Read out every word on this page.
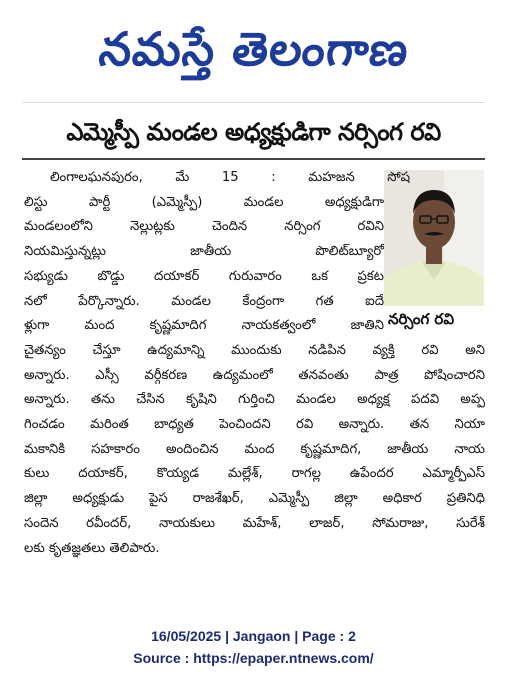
నమస్తే తెలంగాణ
ఎమ్మెస్పీ మండల అధ్యక్షుడిగా నర్సింగ రవి
నర్సింగ రవి
లింగాలఘనపురం, మే 15 : మహజన సోష
లిస్టు పార్టీ (ఎమ్మెస్పీ) మండల అధ్యక్షుడిగా
మండలంలోని నెల్లుట్లకు చెందిన నర్సింగ రవిని
నియమిస్తున్నట్లు జాతీయ పొలిట్‌బ్యూరో
సభ్యుడు బొడ్డు దయాకర్ గురువారం ఒక ప్రకట
నలో పేర్కొన్నారు. మండల కేంద్రంగా గత ఐదే
ళ్లుగా మంద కృష్ణమాదిగ నాయకత్వంలో జాతిని
చైతన్యం చేస్తూ ఉద్యమాన్ని ముందుకు నడిపిన వ్యక్తి రవి అని
అన్నారు. ఎస్సీ వర్గీకరణ ఉద్యమంలో తనవంతు పాత్ర పోషించారని
అన్నారు. తను చేసిన కృషిని గుర్తించి మండల అధ్యక్ష పదవి అప్ప
గించడం మరింత బాధ్యత పెంచిందని రవి అన్నారు. తన నియా
మకానికి సహకారం అందించిన మంద కృష్ణమాదిగ, జాతీయ నాయ
కులు దయాకర్, కొయ్యడ మల్లేశ్, రాగల్ల ఉపేందర ఎమ్మార్పీఎస్
జిల్లా అధ్యక్షుడు పైస రాజశేఖర్, ఎమ్మెస్పీ జిల్లా అధికార ప్రతినిధి
సందెన రవీందర్, నాయకులు మహేశ్, లాజర్, సోమరాజు, సురేశ్
లకు కృతజ్ఞతలు తెలిపారు.
16/05/2025 | Jangaon | Page : 2
Source : https://epaper.ntnews.com/
